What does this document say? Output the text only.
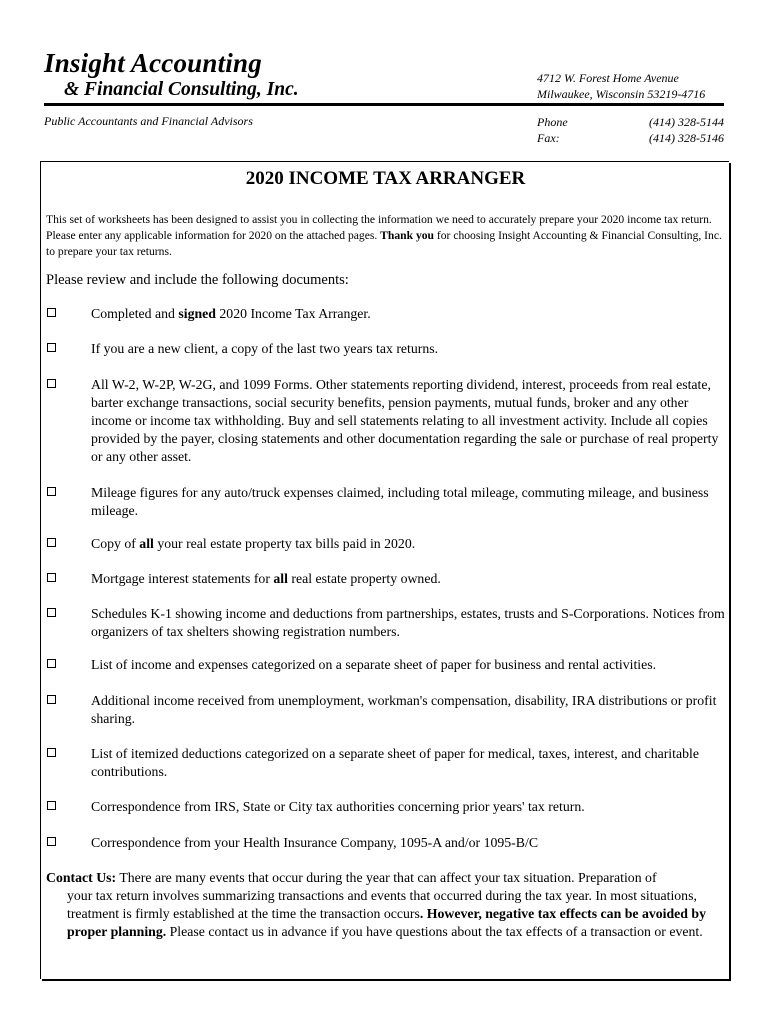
Insight Accounting
& Financial Consulting, Inc.
4712 W. Forest Home Avenue
Milwaukee, Wisconsin 53219-4716
Public Accountants and Financial Advisors	Phone	(414) 328-5144
Fax:	(414) 328-5146
2020 INCOME TAX ARRANGER
This set of worksheets has been designed to assist you in collecting the information we need to accurately prepare your 2020 income tax return. Please enter any applicable information for 2020 on the attached pages. Thank you for choosing Insight Accounting & Financial Consulting, Inc. to prepare your tax returns.
Please review and include the following documents:
Completed and signed 2020 Income Tax Arranger.
If you are a new client, a copy of the last two years tax returns.
All W-2, W-2P, W-2G, and 1099 Forms. Other statements reporting dividend, interest, proceeds from real estate, barter exchange transactions, social security benefits, pension payments, mutual funds, broker and any other income or income tax withholding. Buy and sell statements relating to all investment activity. Include all copies provided by the payer, closing statements and other documentation regarding the sale or purchase of real property or any other asset.
Mileage figures for any auto/truck expenses claimed, including total mileage, commuting mileage, and business mileage.
Copy of all your real estate property tax bills paid in 2020.
Mortgage interest statements for all real estate property owned.
Schedules K-1 showing income and deductions from partnerships, estates, trusts and S-Corporations. Notices from organizers of tax shelters showing registration numbers.
List of income and expenses categorized on a separate sheet of paper for business and rental activities.
Additional income received from unemployment, workman's compensation, disability, IRA distributions or profit sharing.
List of itemized deductions categorized on a separate sheet of paper for medical, taxes, interest, and charitable contributions.
Correspondence from IRS, State or City tax authorities concerning prior years' tax return.
Correspondence from your Health Insurance Company, 1095-A and/or 1095-B/C
Contact Us: There are many events that occur during the year that can affect your tax situation. Preparation of
your tax return involves summarizing transactions and events that occurred during the tax year. In most situations, treatment is firmly established at the time the transaction occurs. However, negative tax effects can be avoided by proper planning. Please contact us in advance if you have questions about the tax effects of a transaction or event.
